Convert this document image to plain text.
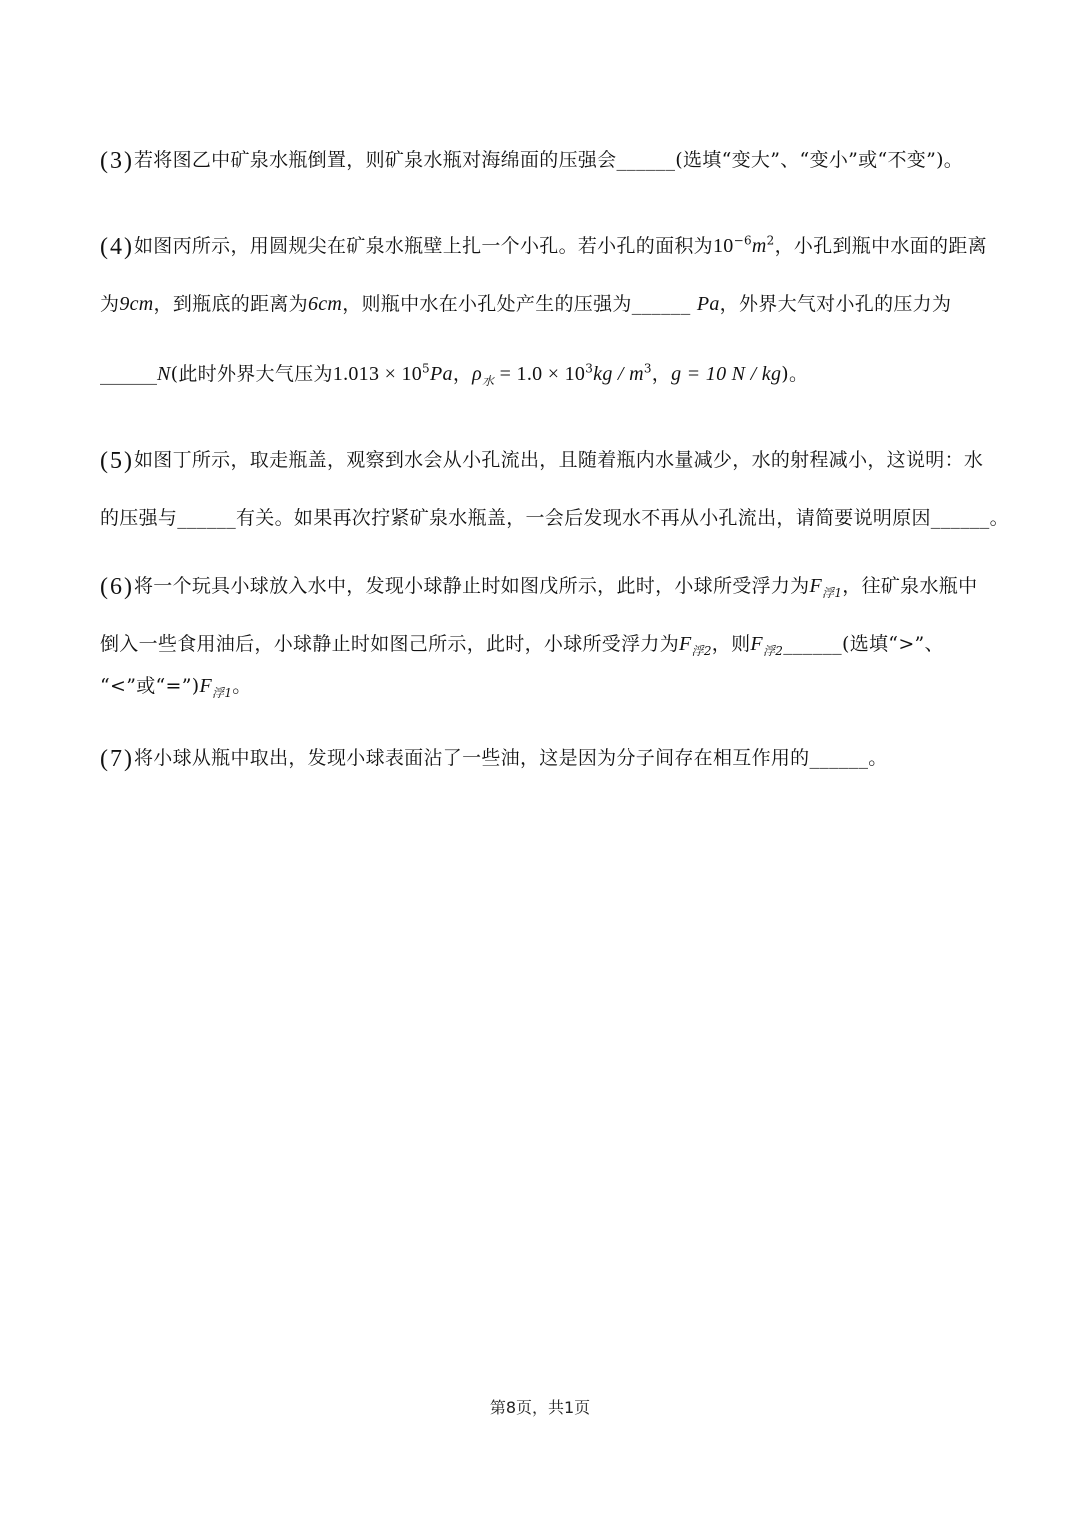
(3)若将图乙中矿泉水瓶倒置，则矿泉水瓶对海绵面的压强会______(选填“变大”、“变小”或“不变”)。
(4)如图丙所示，用圆规尖在矿泉水瓶壁上扎一个小孔。若小孔的面积为$10^{-6}m^2$，小孔到瓶中水面的距离
为9cm，到瓶底的距离为6cm，则瓶中水在小孔处产生的压强为______ Pa，外界大气对小孔的压力为
______N(此时外界大气压为$1.013 \times 10^5Pa$，$\rho_水 = 1.0 \times 10^3kg / m^3$，g = 10 N / kg)。
(5)如图丁所示，取走瓶盖，观察到水会从小孔流出，且随着瓶内水量减少，水的射程减小，这说明：水
的压强与______有关。如果再次拧紧矿泉水瓶盖，一会后发现水不再从小孔流出，请简要说明原因______。
(6)将一个玩具小球放入水中，发现小球静止时如图戊所示，此时，小球所受浮力为$F_{浮1}$，往矿泉水瓶中
倒入一些食用油后，小球静止时如图己所示，此时，小球所受浮力为$F_{浮2}$，则$F_{浮2}\_\_\_\_\_\_$(选填“>”、
“<”或“$=”)F_{浮1}$。
(7)将小球从瓶中取出，发现小球表面沾了一些油，这是因为分子间存在相互作用的______。
第8页，共1页
